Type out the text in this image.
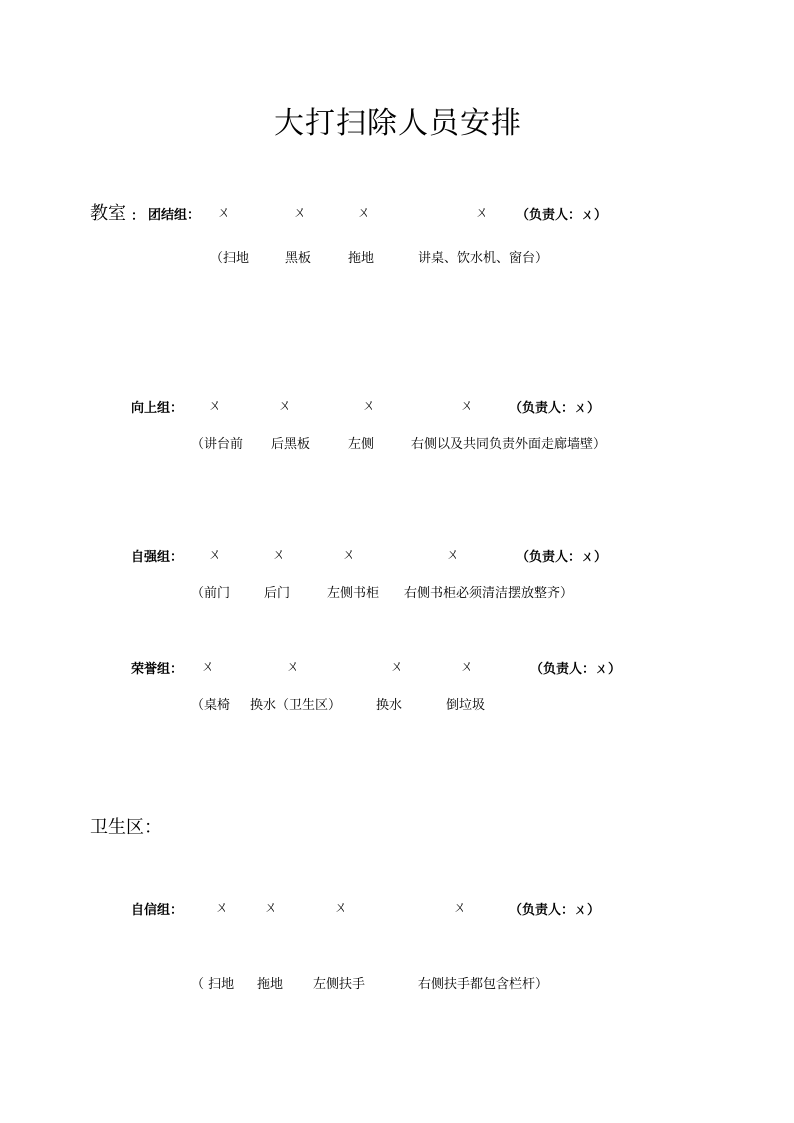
大打扫除人员安排
教室 ： 团结组： ㄨ	ㄨ	ㄨ	ㄨ （负责人：ㄨ）
（扫地	黑板	拖地	讲桌、饮水机、窗台）
向上组： ㄨ	ㄨ	ㄨ	ㄨ	（负责人：ㄨ）
（讲台前 后黑板	左侧	右侧以及共同负责外面走廊墙壁）
自强组： ㄨ	ㄨ	ㄨ	ㄨ	（负责人：ㄨ）
（前门	后门	左侧书柜 右侧书柜必须清洁摆放整齐）
荣誉组： ㄨ	ㄨ	ㄨ	ㄨ	（负责人：ㄨ）
（桌椅 换水（卫生区）	换水	倒垃圾
卫生区：
自信组： ㄨ	ㄨ	ㄨ	ㄨ	（负责人：ㄨ）
（ 扫地 拖地 左侧扶手	右侧扶手都包含栏杆）
